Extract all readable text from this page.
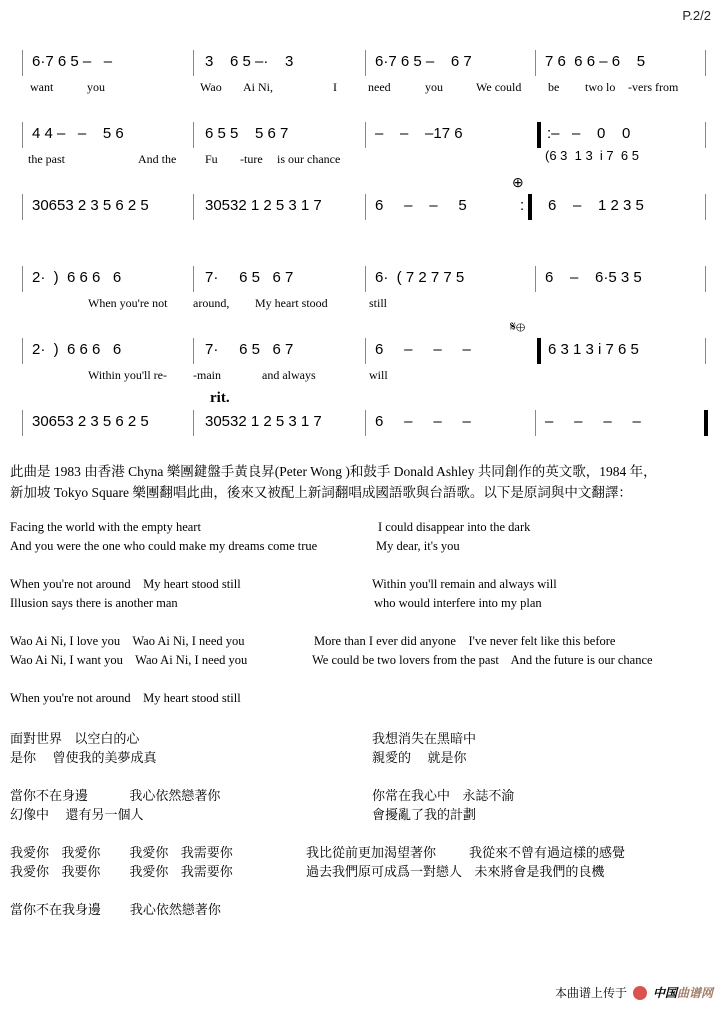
P.2/2
6·7 6 5 –   –	3    6 5 –·    3	6·7 6 5 –    6 7	7 6  6 6 – 6    5
want	you	Wao Ai Ni,	I	need	you	We could be two lo -vers from
4 4 –   –    5 6	6 5 5    5 6 7	–    –    –17 6	:–   –    0    0
(6 3  1 3  i 7  6 5
the past	And the Fu -ture is our chance
30653 2 3 5 6 2 5	30532 1 2 5 3 1 7	6     –    –     5	6    –    1 2 3 5
:
⊕
2·  )  6 6 6   6	7·     6 5   6 7	6·  ( 7 2 7 7 5	6    –    6·5 3 5
When you're not around, My heart stood	still
2·  )  6 6 6   6	7·     6 5   6 7	6     –     –     –	6 3 1 3 i 7 6 5
𝄋⊕
Within you'll re- -main	and always	will
30653 2 3 5 6 2 5	30532 1 2 5 3 1 7	6     –     –     –	–     –     –     –
rit.
此曲是 1983 由香港 Chyna 樂團鍵盤手黃良昇(Peter Wong )和鼓手 Donald Ashley 共同創作的英文歌，1984 年，
新加坡 Tokyo Square 樂團翻唱此曲，後來又被配上新詞翻唱成國語歌與台語歌。以下是原詞與中文翻譯：
Facing the world with the empty heart	I could disappear into the dark
And you were the one who could make my dreams come true	My dear, it's you
When you're not around    My heart stood still	Within you'll remain and always will
Illusion says there is another man	who would interfere into my plan
Wao Ai Ni, I love you    Wao Ai Ni, I need you	More than I ever did anyone    I've never felt like this before
Wao Ai Ni, I want you    Wao Ai Ni, I need you	We could be two lovers from the past    And the future is our chance
When you're not around    My heart stood still
面對世界   以空白的心	我想消失在黑暗中
是你    曾使我的美夢成真	親愛的    就是你
當你不在身邊          我心依然戀著你	你常在我心中   永誌不渝
幻像中    還有另一個人	會擾亂了我的計劃
我愛你   我愛你       我愛你   我需要你	我比從前更加渴望著你        我從來不曾有過這樣的感覺
我愛你   我要你       我愛你   我需要你	過去我們原可成爲一對戀人   未來將會是我們的良機
當你不在我身邊       我心依然戀著你
本曲谱上传于 中国 曲谱网
